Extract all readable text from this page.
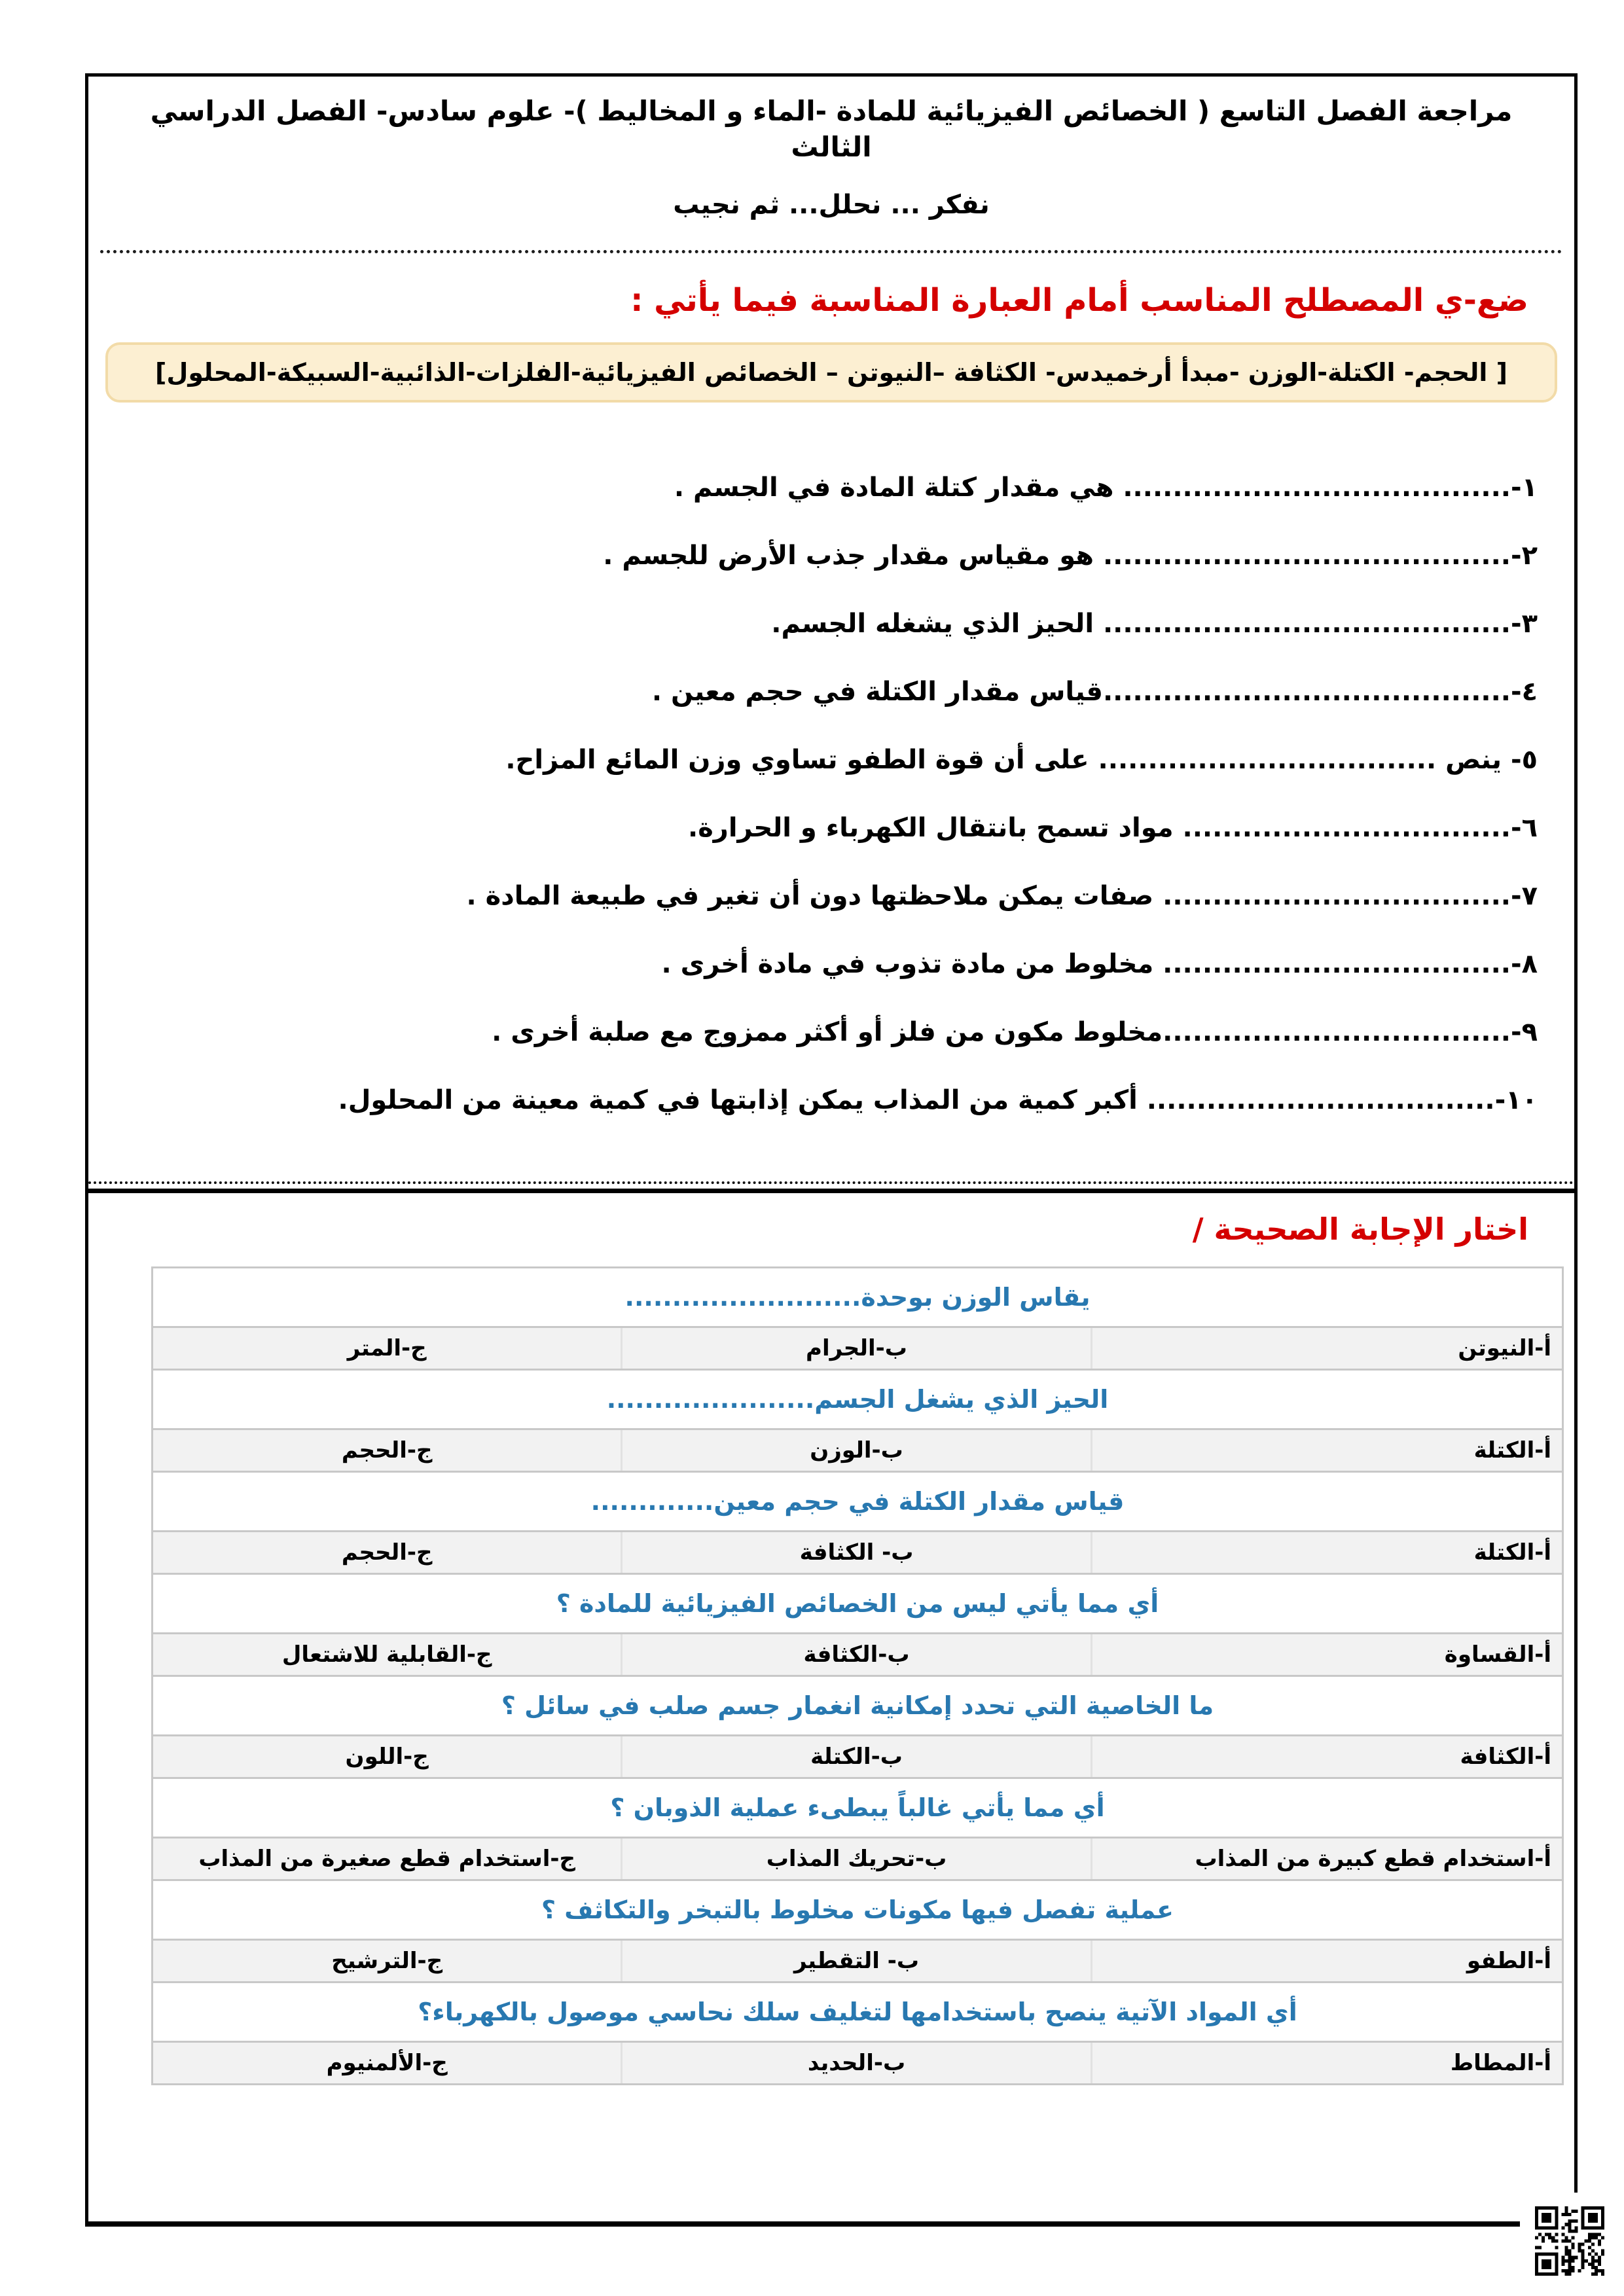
مراجعة الفصل التاسع ( الخصائص الفيزيائية للمادة -الماء و المخاليط )- علوم سادس- الفصل الدراسي الثالث
نفكر ... نحلل... ثم نجيب
ضع-ي المصطلح المناسب أمام العبارة المناسبة فيما يأتي :
[ الحجم- الكتلة-الوزن -مبدأ أرخميدس- الكثافة –النيوتن – الخصائص الفيزيائية-الفلزات-الذائبية-السبيكة-المحلول]
١-....................................... هي مقدار كتلة المادة في الجسم .
٢-......................................... هو مقياس مقدار جذب الأرض للجسم .
٣-......................................... الحيز الذي يشغله الجسم.
٤-.........................................قياس مقدار الكتلة في حجم معين .
٥- ينص .................................. على أن قوة الطفو تساوي وزن المائع المزاح.
٦-................................. مواد تسمح بانتقال الكهرباء و الحرارة.
٧-................................... صفات يمكن ملاحظتها دون أن تغير في طبيعة المادة .
٨-................................... مخلوط من مادة تذوب في مادة أخرى .
٩-...................................مخلوط مكون من فلز أو أكثر ممزوج مع صلبة أخرى .
١٠-................................... أكبر كمية من المذاب يمكن إذابتها في كمية معينة من المحلول.
اختار الإجابة الصحيحة /
يقاس الوزن بوحدة.........................
أ-النيوتن
ب-الجرام
ج-المتر
الحيز الذي يشغل الجسم......................
أ-الكتلة
ب-الوزن
ج-الحجم
قياس مقدار الكتلة في حجم معين.............
أ-الكتلة
ب- الكثافة
ج-الحجم
أي مما يأتي ليس من الخصائص الفيزيائية للمادة ؟
أ-القساوة
ب-الكثافة
ج-القابلية للاشتعال
ما الخاصية التي تحدد إمكانية انغمار جسم صلب في سائل ؟
أ-الكثافة
ب-الكتلة
ج-اللون
أي مما يأتي غالباً يبطىء عملية الذوبان ؟
أ-استخدام قطع كبيرة من المذاب
ب-تحريك المذاب
ج-استخدام قطع صغيرة من المذاب
عملية تفصل فيها مكونات مخلوط بالتبخر والتكاثف ؟
أ-الطفو
ب- التقطير
ج-الترشيح
أي المواد الآتية ينصح باستخدامها لتغليف سلك نحاسي موصول بالكهرباء؟
أ-المطاط
ب-الحديد
ج-الألمنيوم
